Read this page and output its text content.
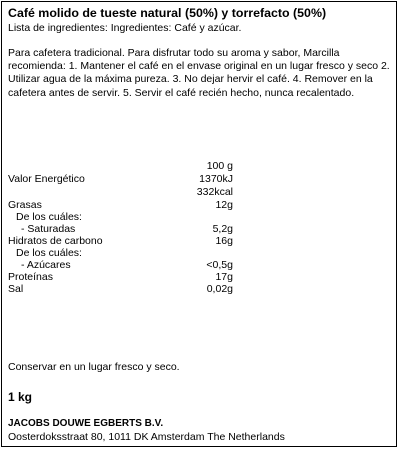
Café molido de tueste natural (50%) y torrefacto (50%)
Lista de ingredientes: Ingredientes: Café y azúcar.
Para cafetera tradicional. Para disfrutar todo su aroma y sabor, Marcilla
recomienda: 1. Mantener el café en el envase original en un lugar fresco y seco 2.
Utilizar agua de la máxima pureza. 3. No dejar hervir el café. 4. Remover en la
cafetera antes de servir. 5. Servir el café recién hecho, nunca recalentado.
100 g
Valor Energético	1370kJ
332kcal
Grasas	12g
De los cuáles:
- Saturadas	5,2g
Hidratos de carbono	16g
De los cuáles:
- Azúcares	<0,5g
Proteínas	17g
Sal	0,02g
Conservar en un lugar fresco y seco.
1 kg
JACOBS DOUWE EGBERTS B.V.
Oosterdoksstraat 80, 1011 DK Amsterdam The Netherlands
